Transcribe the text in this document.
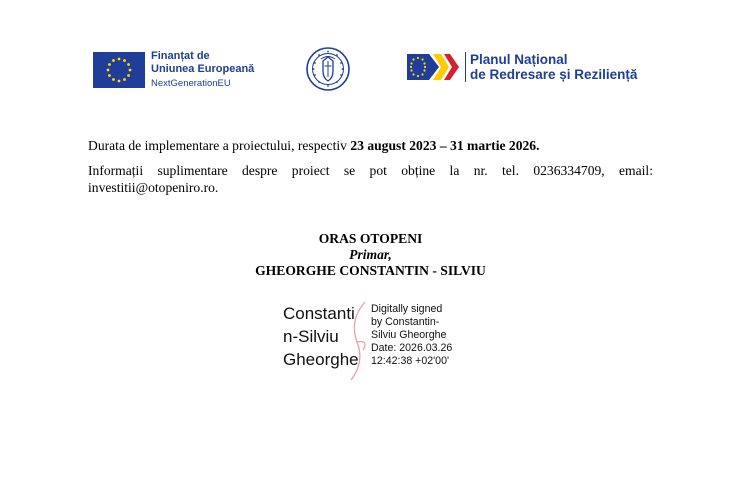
Finanțat de
Uniunea Europeană
NextGenerationEU
Planul Național
de Redresare și Reziliență
Durata de implementare a proiectului, respectiv 23 august 2023 – 31 martie 2026.
Informații suplimentare despre proiect se pot obține la nr. tel. 0236334709, email: investitii@otopeniro.ro.
ORAS OTOPENI
Primar,
GHEORGHE CONSTANTIN - SILVIU
Constanti
n-Silviu
Gheorghe
Digitally signed
by Constantin-
Silviu Gheorghe
Date: 2026.03.26
12:42:38 +02'00'
